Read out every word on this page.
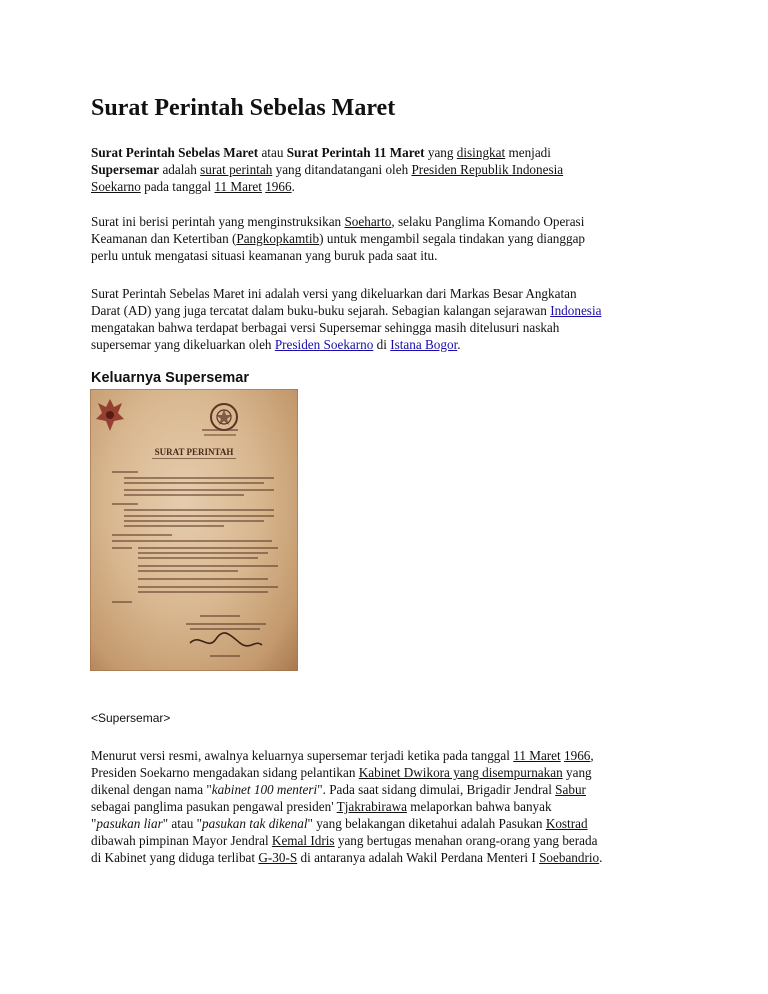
Surat Perintah Sebelas Maret

Surat Perintah Sebelas Maret atau Surat Perintah 11 Maret yang disingkat menjadi
Supersemar adalah surat perintah yang ditandatangani oleh Presiden Republik Indonesia
Soekarno pada tanggal 11 Maret 1966.

Surat ini berisi perintah yang menginstruksikan Soeharto, selaku Panglima Komando Operasi
Keamanan dan Ketertiban (Pangkopkamtib) untuk mengambil segala tindakan yang dianggap
perlu untuk mengatasi situasi keamanan yang buruk pada saat itu.

Surat Perintah Sebelas Maret ini adalah versi yang dikeluarkan dari Markas Besar Angkatan
Darat (AD) yang juga tercatat dalam buku-buku sejarah. Sebagian kalangan sejarawan Indonesia
mengatakan bahwa terdapat berbagai versi Supersemar sehingga masih ditelusuri naskah
supersemar yang dikeluarkan oleh Presiden Soekarno di Istana Bogor.

Keluarnya Supersemar
SURAT PERINTAH

<Supersemar>

Menurut versi resmi, awalnya keluarnya supersemar terjadi ketika pada tanggal 11 Maret 1966,
Presiden Soekarno mengadakan sidang pelantikan Kabinet Dwikora yang disempurnakan yang
dikenal dengan nama "kabinet 100 menteri". Pada saat sidang dimulai, Brigadir Jendral Sabur
sebagai panglima pasukan pengawal presiden' Tjakrabirawa melaporkan bahwa banyak
"pasukan liar" atau "pasukan tak dikenal" yang belakangan diketahui adalah Pasukan Kostrad
dibawah pimpinan Mayor Jendral Kemal Idris yang bertugas menahan orang-orang yang berada
di Kabinet yang diduga terlibat G-30-S di antaranya adalah Wakil Perdana Menteri I Soebandrio.
